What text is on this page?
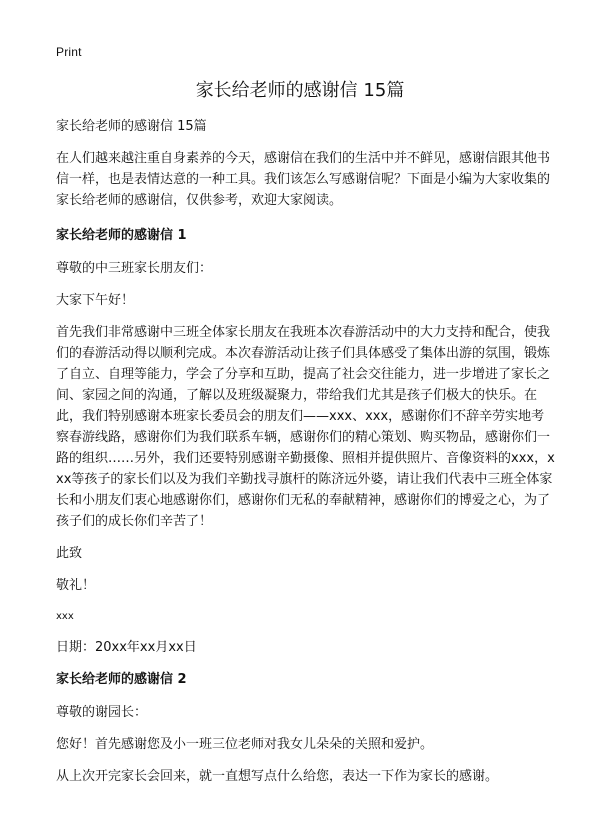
Print
家长给老师的感谢信 15篇

家长给老师的感谢信 15篇

在人们越来越注重自身素养的今天，感谢信在我们的生活中并不鲜见，感谢信跟其他书信一样，也是表情达意的一种工具。我们该怎么写感谢信呢？下面是小编为大家收集的家长给老师的感谢信，仅供参考，欢迎大家阅读。

家长给老师的感谢信 1

尊敬的中三班家长朋友们：

大家下午好！

首先我们非常感谢中三班全体家长朋友在我班本次春游活动中的大力支持和配合，使我们的春游活动得以顺利完成。本次春游活动让孩子们具体感受了集体出游的氛围，锻炼了自立、自理等能力，学会了分享和互助，提高了社会交往能力，进一步增进了家长之间、家园之间的沟通，了解以及班级凝聚力，带给我们尤其是孩子们极大的快乐。在此，我们特别感谢本班家长委员会的朋友们——xxx、xxx，感谢你们不辞辛劳实地考察春游线路，感谢你们为我们联系车辆，感谢你们的精心策划、购买物品，感谢你们一路的组织……另外，我们还要特别感谢辛勤摄像、照相并提供照片、音像资料的xxx，xxx等孩子的家长们以及为我们辛勤找寻旗杆的陈济远外婆，请让我们代表中三班全体家长和小朋友们衷心地感谢你们，感谢你们无私的奉献精神，感谢你们的博爱之心，为了孩子们的成长你们辛苦了！

此致

敬礼！

xxx

日期：20xx年xx月xx日

家长给老师的感谢信 2

尊敬的谢园长：

您好！首先感谢您及小一班三位老师对我女儿朵朵的关照和爱护。

从上次开完家长会回来，就一直想写点什么给您，表达一下作为家长的感谢。
